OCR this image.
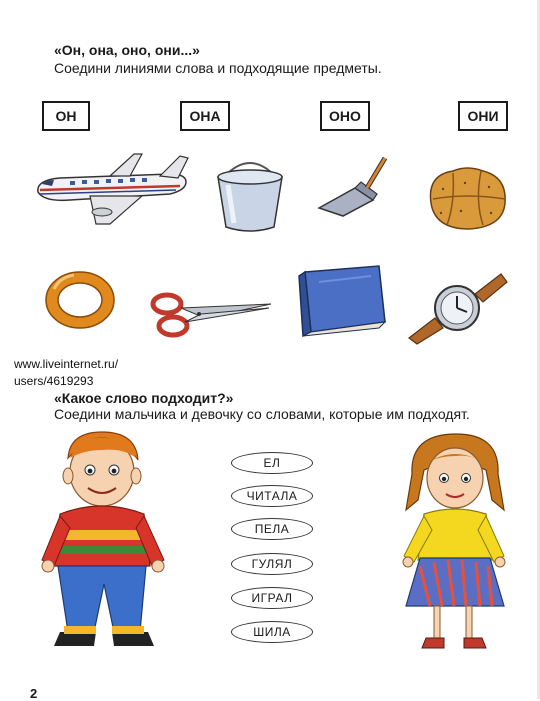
«Он, она, оно, они...»
Соедини линиями слова и подходящие предметы.
ОН	ОНА	ОНО	ОНИ
www.liveinternet.ru/
users/4619293
«Какое слово подходит?»
Соедини мальчика и девочку со словами, которые им подходят.
ЕЛ
ЧИТАЛА
ПЕЛА
ГУЛЯЛ
ИГРАЛ
ШИЛА
2
